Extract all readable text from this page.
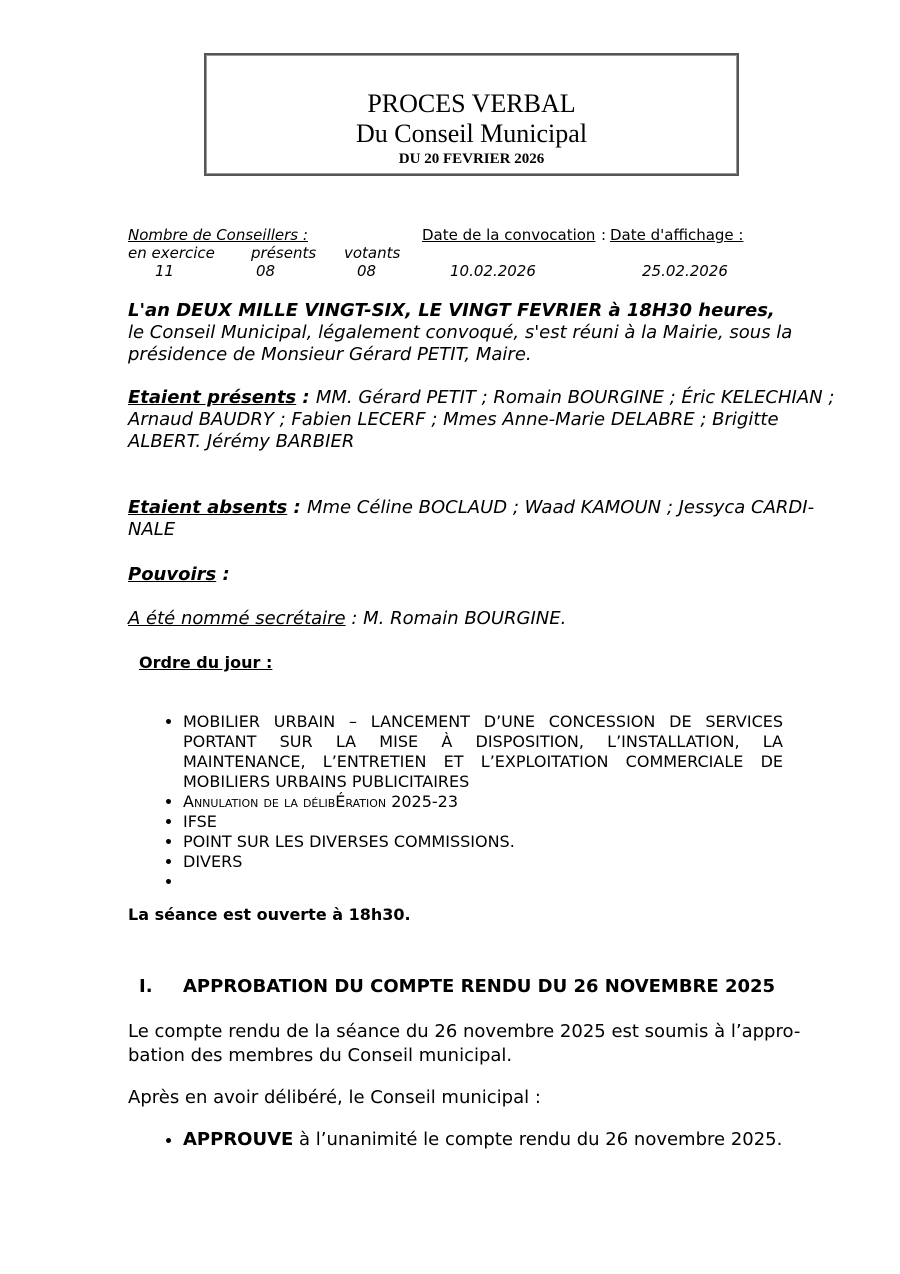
PROCES VERBAL
Du Conseil Municipal
DU 20 FEVRIER 2026
Nombre de Conseillers :	Date de la convocation : Date d'affichage :
en exercice présents votants
11	08	08	10.02.2026	25.02.2026
L'an DEUX MILLE VINGT-SIX, LE VINGT FEVRIER à 18H30 heures,
le Conseil Municipal, légalement convoqué, s'est réuni à la Mairie, sous la présidence de Monsieur Gérard PETIT, Maire.
Etaient présents : MM. Gérard PETIT ; Romain BOURGINE ; Éric KELECHIAN ; Arnaud BAUDRY ; Fabien LECERF ; Mmes Anne-Marie DELABRE ; Brigitte ALBERT. Jérémy BARBIER
Etaient absents : Mme Céline BOCLAUD ; Waad KAMOUN ; Jessyca CARDI-NALE
Pouvoirs :
A été nommé secrétaire : M. Romain BOURGINE.
Ordre du jour :
• MOBILIER URBAIN – LANCEMENT D’UNE CONCESSION DE SERVICES PORTANT SUR LA MISE À DISPOSITION, L’INSTALLATION, LA MAINTENANCE, L’ENTRETIEN ET L’EXPLOITATION COMMERCIALE DE MOBILIERS URBAINS PUBLICITAIRES
• Annulation de la délibÉration 2025-23
• IFSE
• POINT SUR LES DIVERSES COMMISSIONS.
• DIVERS
•
La séance est ouverte à 18h30.
I. APPROBATION DU COMPTE RENDU DU 26 NOVEMBRE 2025
Le compte rendu de la séance du 26 novembre 2025 est soumis à l’appro-bation des membres du Conseil municipal.
Après en avoir délibéré, le Conseil municipal :
• APPROUVE à l’unanimité le compte rendu du 26 novembre 2025.
